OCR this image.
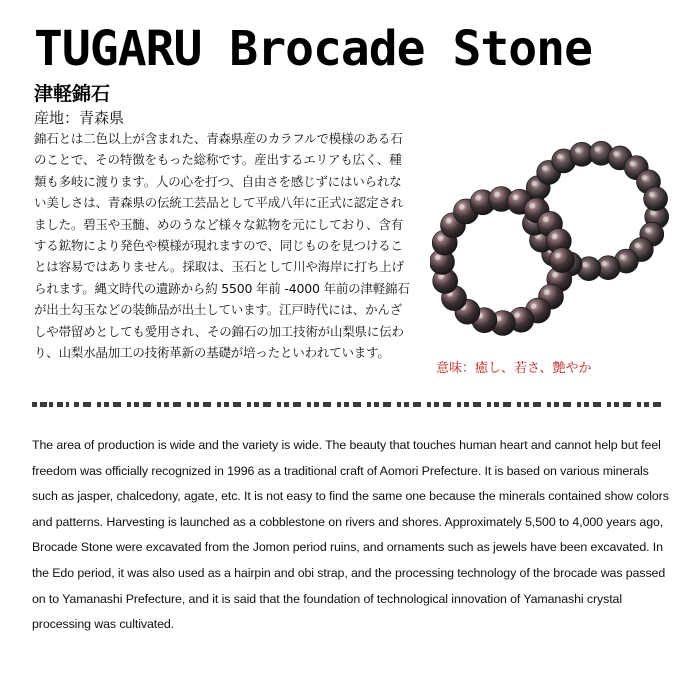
TUGARU Brocade Stone
津軽錦石
産地：青森県
錦石とは二色以上が含まれた、青森県産のカラフルで模様のある石のことで、その特徴をもった総称です。産出するエリアも広く、種類も多岐に渡ります。人の心を打つ、自由さを感じずにはいられない美しさは、青森県の伝統工芸品として平成八年に正式に認定されました。碧玉や玉髄、めのうなど様々な鉱物を元にしており、含有する鉱物により発色や模様が現れますので、同じものを見つけることは容易ではありません。採取は、玉石として川や海岸に打ち上げられます。縄文時代の遺跡から約 5500 年前 -4000 年前の津軽錦石が出土勾玉などの装飾品が出土しています。江戸時代には、かんざしや帯留めとしても愛用され、その錦石の加工技術が山梨県に伝わり、山梨水晶加工の技術革新の基礎が培ったといわれています。
意味：癒し、若さ、艶やか
The area of production is wide and the variety is wide. The beauty that touches human heart and cannot help but feel freedom was officially recognized in 1996 as a traditional craft of Aomori Prefecture. It is based on various minerals such as jasper, chalcedony, agate, etc. It is not easy to find the same one because the minerals contained show colors and patterns. Harvesting is launched as a cobblestone on rivers and shores. Approximately 5,500 to 4,000 years ago, Brocade Stone were excavated from the Jomon period ruins, and ornaments such as jewels have been excavated. In the Edo period, it was also used as a hairpin and obi strap, and the processing technology of the brocade was passed on to Yamanashi Prefecture, and it is said that the foundation of technological innovation of Yamanashi crystal processing was cultivated.
